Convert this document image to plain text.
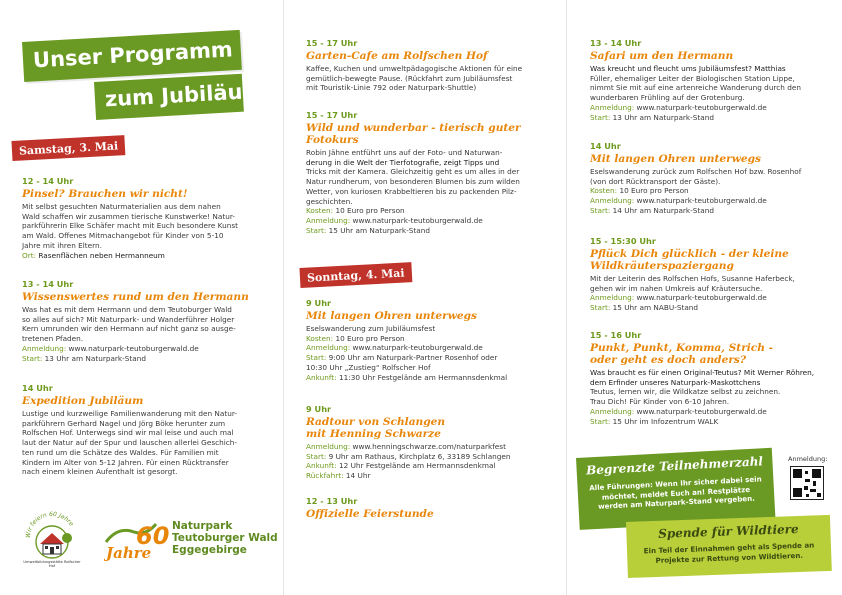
Unser Programm
zum Jubiläum
Samstag, 3. Mai
12 - 14 Uhr
Pinsel? Brauchen wir nicht!

Mit selbst gesuchten Naturmaterialien aus dem nahen

Wald schaffen wir zusammen tierische Kunstwerke! Natur-

parkführerin Elke Schäfer macht mit Euch besondere Kunst

am Wald. Offenes Mitmachangebot für Kinder von 5-10

Jahre mit ihren Eltern.

Ort: Rasenflächen neben Hermanneum

13 - 14 Uhr
Wissenswertes rund um den Hermann

Was hat es mit dem Hermann und dem Teutoburger Wald

so alles auf sich? Mit Naturpark- und Wanderführer Holger

Kern umrunden wir den Hermann auf nicht ganz so ausge-

tretenen Pfaden.

Anmeldung: www.naturpark-teutoburgerwald.de

Start: 13 Uhr am Naturpark-Stand

14 Uhr
Expedition Jubiläum

Lustige und kurzweilige Familienwanderung mit den Natur-

parkführern Gerhard Nagel und Jörg Böke herunter zum

Rolfschen Hof. Unterwegs sind wir mal leise und auch mal

laut der Natur auf der Spur und lauschen allerlei Geschich-

ten rund um die Schätze des Waldes. Für Familien mit

Kindern im Alter von 5-12 Jahren. Für einen Rücktransfer

nach einem kleinen Aufenthalt ist gesorgt.

Wir feiern 60 Jahre
Umweltbildungsstätte Rolfscher Hof
60
Jahre
Naturpark
Teutoburger Wald
Eggegebirge
15 - 17 Uhr
Garten-Cafe am Rolfschen Hof

Kaffee, Kuchen und umweltpädagogische Aktionen für eine

gemütlich-bewegte Pause. (Rückfahrt zum Jubiläumsfest

mit Touristik-Linie 792 oder Naturpark-Shuttle)

15 - 17 Uhr
Wild und wunderbar - tierisch guter Fotokurs

Robin Jähne entführt uns auf der Foto- und Naturwan-

derung in die Welt der Tierfotografie, zeigt Tipps und

Tricks mit der Kamera. Gleichzeitig geht es um alles in der

Natur rundherum, von besonderen Blumen bis zum wilden

Wetter, von kuriosen Krabbeltieren bis zu packenden Pilz-

geschichten.

Kosten: 10 Euro pro Person

Anmeldung: www.naturpark-teutoburgerwald.de

Start: 15 Uhr am Naturpark-Stand

Sonntag, 4. Mai
9 Uhr
Mit langen Ohren unterwegs

Eselswanderung zum Jubiläumsfest

Kosten: 10 Euro pro Person

Anmeldung: www.naturpark-teutoburgerwald.de

Start: 9:00 Uhr am Naturpark-Partner Rosenhof oder

10:30 Uhr „Zustieg“ Rolfscher Hof

Ankunft: 11:30 Uhr Festgelände am Hermannsdenkmal

9 Uhr
Radtour von Schlangen mit Henning Schwarze

Anmeldung: www.henningschwarze.com/naturparkfest

Start: 9 Uhr am Rathaus, Kirchplatz 6, 33189 Schlangen

Ankunft: 12 Uhr Festgelände am Hermannsdenkmal

Rückfahrt: 14 Uhr

12 - 13 Uhr
Offizielle Feierstunde
13 - 14 Uhr
Safari um den Hermann

Was kreucht und fleucht ums Jubiläumsfest? Matthias

Füller, ehemaliger Leiter der Biologischen Station Lippe,

nimmt Sie mit auf eine artenreiche Wanderung durch den

wunderbaren Frühling auf der Grotenburg.

Anmeldung: www.naturpark-teutoburgerwald.de

Start: 13 Uhr am Naturpark-Stand

14 Uhr
Mit langen Ohren unterwegs

Eselswanderung zurück zum Rolfschen Hof bzw. Rosenhof

(von dort Rücktransport der Gäste).

Kosten: 10 Euro pro Person

Anmeldung: www.naturpark-teutoburgerwald.de

Start: 14 Uhr am Naturpark-Stand

15 - 15:30 Uhr
Pflück Dich glücklich - der kleine Wildkräuterspaziergang

Mit der Leiterin des Rolfschen Hofs, Susanne Haferbeck,

gehen wir im nahen Umkreis auf Kräutersuche.

Anmeldung: www.naturpark-teutoburgerwald.de

Start: 15 Uhr am NABU-Stand

15 - 16 Uhr
Punkt, Punkt, Komma, Strich - oder geht es doch anders?

Was braucht es für einen Original-Teutus? Mit Werner Röhren, dem Erfinder unseres Naturpark-Maskottchens

Teutus, lernen wir, die Wildkatze selbst zu zeichnen.

Trau Dich! Für Kinder von 6-10 Jahren.

Anmeldung: www.naturpark-teutoburgerwald.de

Start: 15 Uhr im Infozentrum WALK

Begrenzte Teilnehmerzahl
Alle Führungen: Wenn Ihr sicher dabei sein möchtet, meldet Euch an! Restplätze werden am Naturpark-Stand vergeben.
Anmeldung:
Spende für Wildtiere
Ein Teil der Einnahmen geht als Spende an Projekte zur Rettung von Wildtieren.
